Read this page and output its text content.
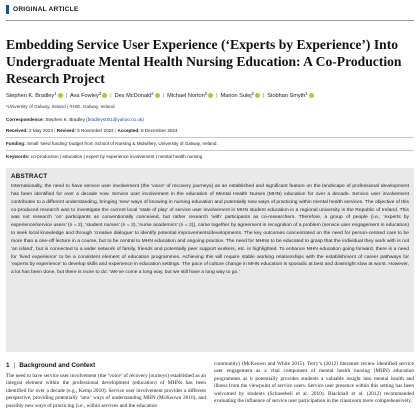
ORIGINAL ARTICLE
Embedding Service User Experience (‘Experts by Experience’) Into Undergraduate Mental Health Nursing Education: A Co-Production Research Project
Stephen K. Bradley$^1$ | Ava Fowley$^2$ | Des McDonald$^2$ | Michael Norton$^2$ | Marion Sulej$^2$ | Siobhan Smyth$^1$
¹University of Galway, Ireland | ²HSE, Galway, Ireland
Correspondence: Stephen K. Bradley (bradleys001@yahoo.co.uk)
Received: 2 May 2024 | Revised: 5 November 2024 | Accepted: 8 December 2024
Funding: Small 'seed funding' budget from School of Nursing & Midwifery, University of Galway, Ireland.
Keywords: co-production | education | expert by experience involvement | mental health nursing
ABSTRACT

Internationally, the need to have service user involvement (the ‘voice’ of recovery journeys) as an established and significant feature on the landscape of professional development has been identified for over a decade now. Service user involvement in the education of Mental Health Nurses (MHN) education for over a decade. Service user involvement contributes to a different understanding, bringing ‘new’ ways of knowing in nursing education and potentially new ways of practicing within mental health services. The objective of this co-produced research was to investigate the current local ‘state of play’ of service user involvement in MHN student education in a regional university in the Republic of Ireland. This was not research ‘on’ participants as conventionally conceived, but rather research ‘with’ participants as co-researchers. Therefore, a group of people (i.e., ‘experts by experience/service users’ (n = 2), ‘student nurses’ (n = 2), ‘nurse academics’ (n = 2)), came together by agreement in recognition of a problem (service user engagement in education) to seek local knowledge and through ‘creative dialogue’ to identify potential improvements/developments. The key outcomes concentrated on the need for person-centred care to be more than a one-off lecture in a course, but to be central to MHN education and ongoing practice. The need for MHNs to be educated to grasp that the individual they work with is not ‘an island’, but is connected to a wider network of family, friends and potentially peer support workers, etc. is highlighted. To enhance MHN education going forward, there is a need for ‘lived experience’ to be a consistent element of education programmes. Achieving this will require stable working relationships with the establishment of career pathways for ‘experts by experience’ to develop skills and experience in education settings. The pace of culture change in MHN education is sporadic at best and downright slow at worst. However, a lot has been done, but there is more to do: ‘We’ve come a long way, but we still have a long way to go.’

1 | Background and Context

The need to have service user involvement (the ‘voice’ of recovery journeys) established as an integral element within the professional development (education) of MHNs has been identified for over a decade (e.g., Kemp 2010). Service user involvement provides a different perspective, providing potentially ‘new’ ways of understanding MHN (McKeown 2016), and possibly new ways of practicing (i.e., within services and the education

community) (McKeown and White 2015). Terry’s (2012) literature review identified service user engagement as a vital component of mental health nursing (MHN) education programmes as it potentially provides students a valuable insight into mental health and illness from the viewpoint of service users. Service user presence within this setting has been welcomed by students (Schneebeli et al. 2010). Blackhall et al. (2012) recommended evaluating the influence of service user participation in the classroom more comprehensively.
